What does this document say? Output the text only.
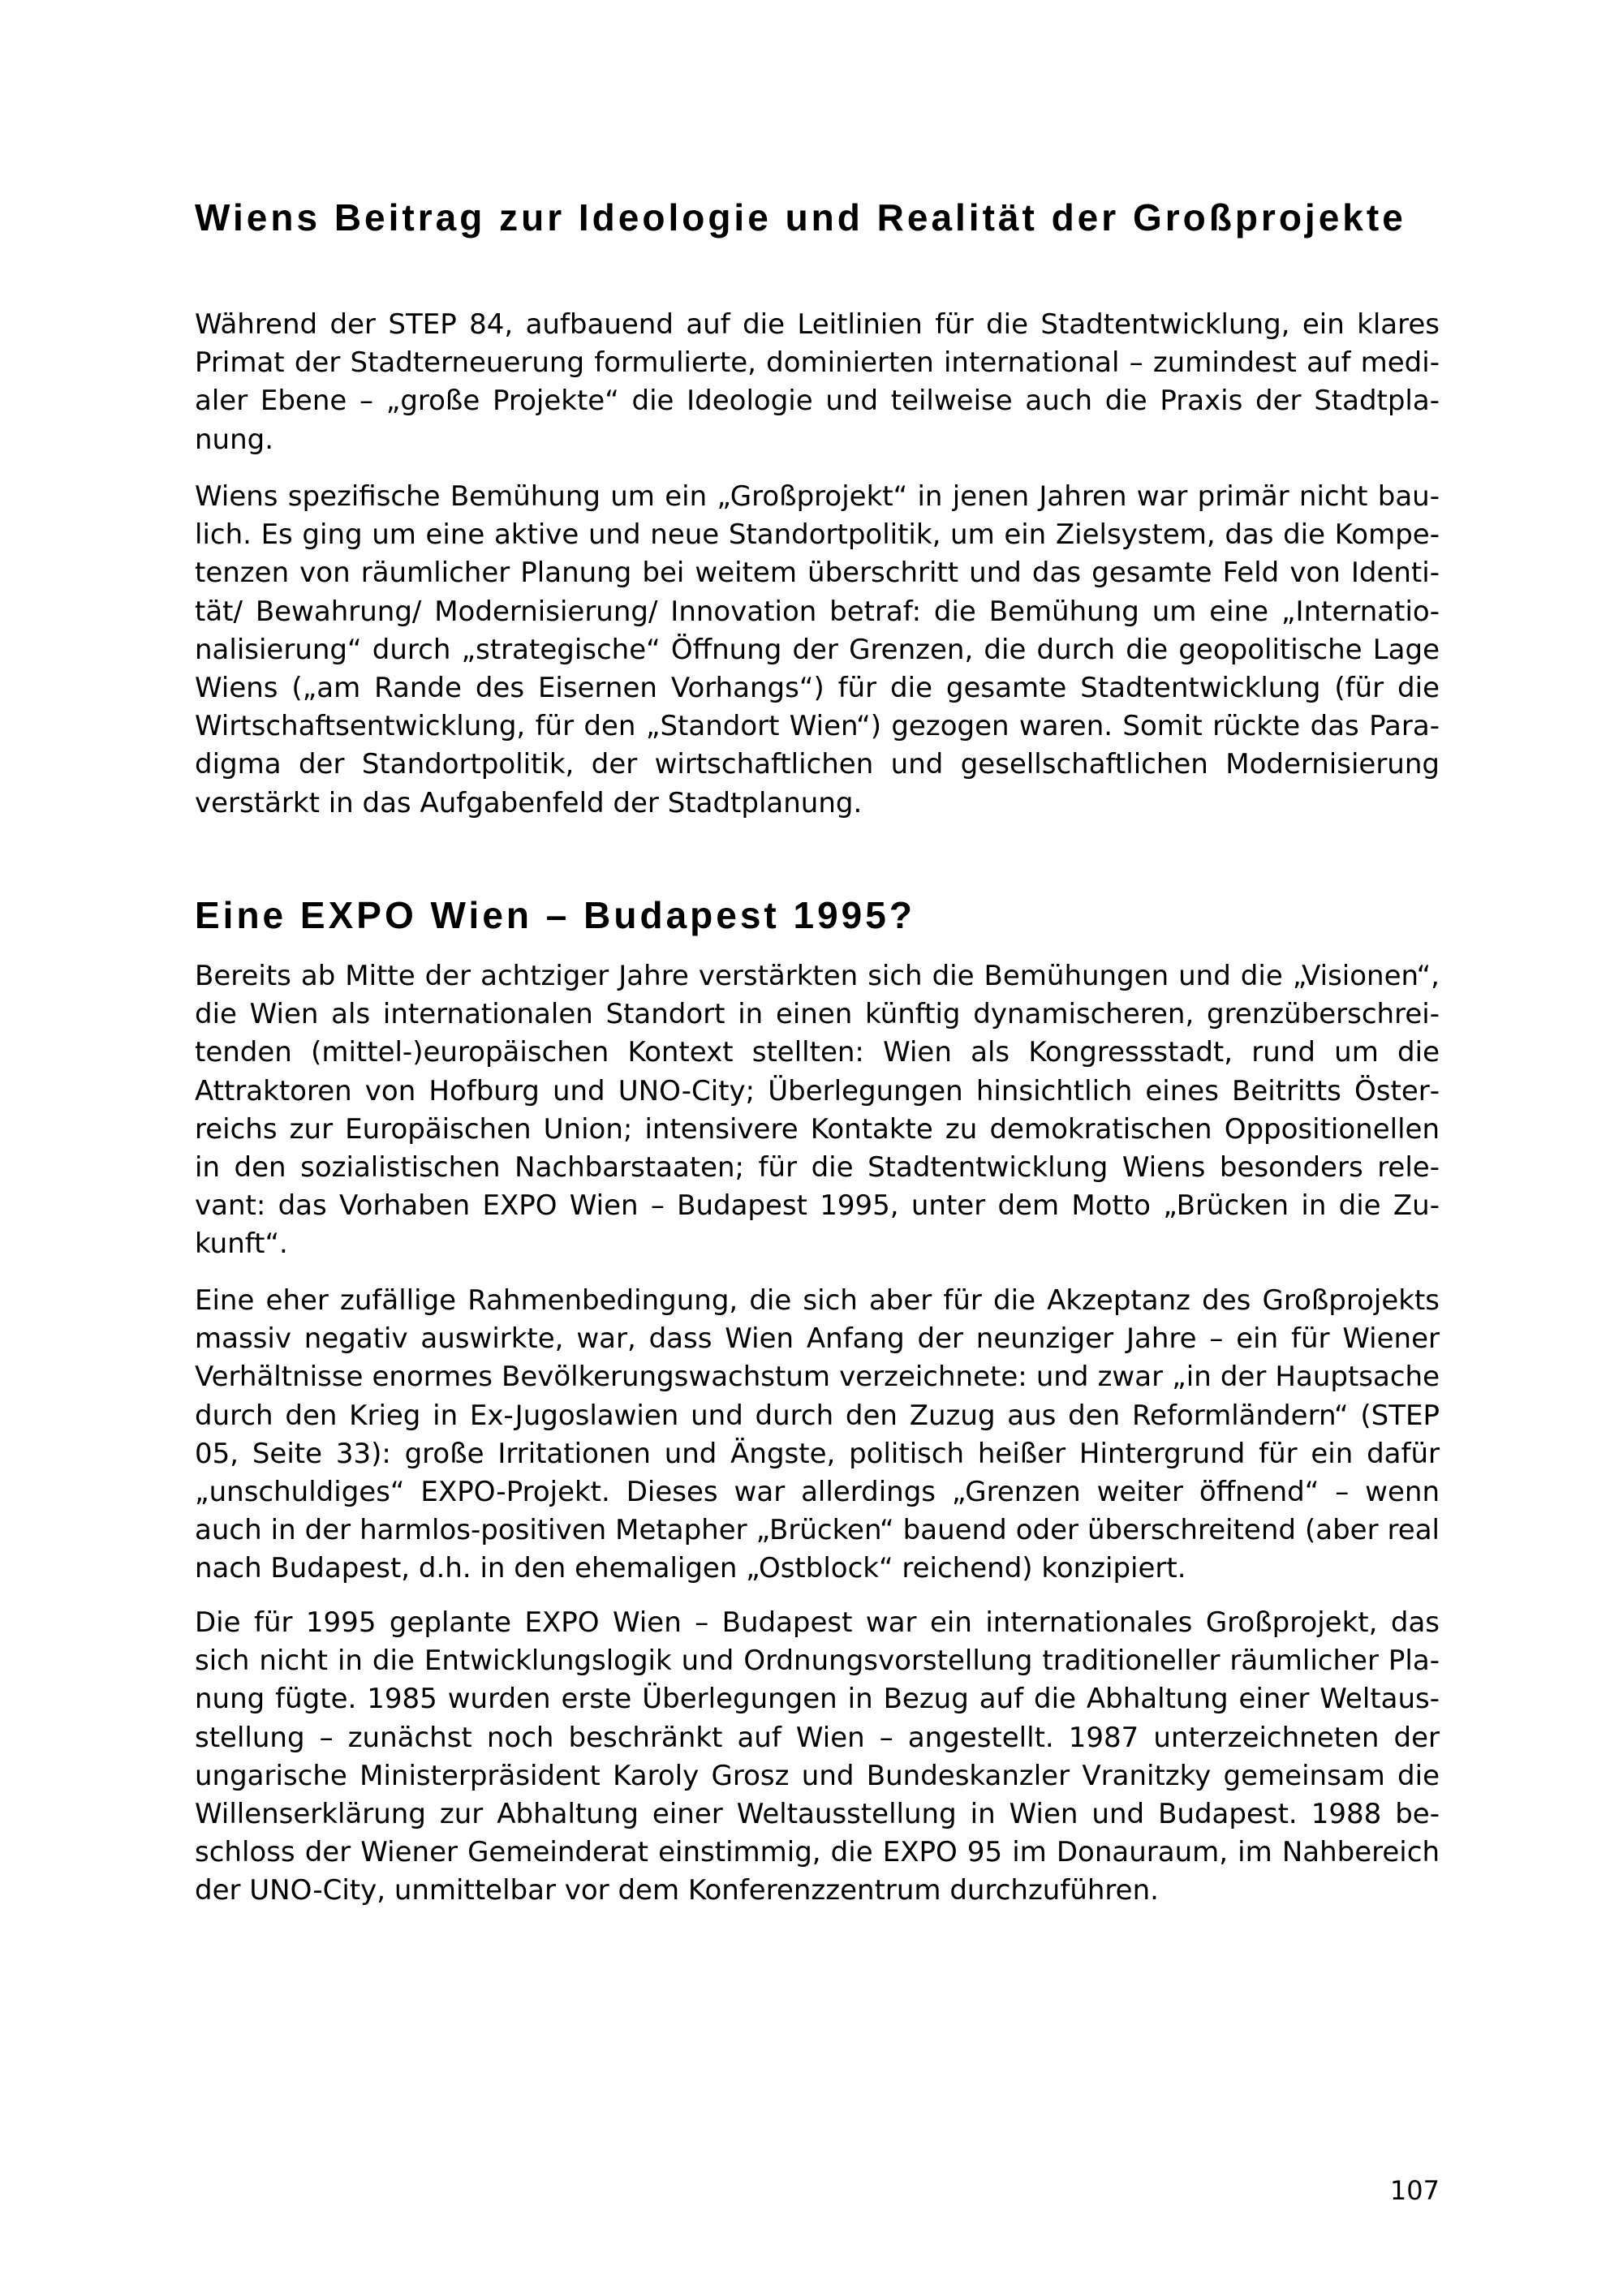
Wiens Beitrag zur Ideologie und Realität der Großprojekte

Während der STEP 84, aufbauend auf die Leitlinien für die Stadtentwicklung, ein klares Primat der Stadterneuerung formulierte, dominierten international – zumindest auf medialer Ebene – „große Projekte“ die Ideologie und teilweise auch die Praxis der Stadtplanung.

Wiens spezifische Bemühung um ein „Großprojekt“ in jenen Jahren war primär nicht baulich. Es ging um eine aktive und neue Standortpolitik, um ein Zielsystem, das die Kompetenzen von räumlicher Planung bei weitem überschritt und das gesamte Feld von Identität/ Bewahrung/ Modernisierung/ Innovation betraf: die Bemühung um eine „Internationalisierung“ durch „strategische“ Öffnung der Grenzen, die durch die geopolitische Lage Wiens („am Rande des Eisernen Vorhangs“) für die gesamte Stadtentwicklung (für die Wirtschaftsentwicklung, für den „Standort Wien“) gezogen waren. Somit rückte das Paradigma der Standortpolitik, der wirtschaftlichen und gesellschaftlichen Modernisierung verstärkt in das Aufgabenfeld der Stadtplanung.

Eine EXPO Wien – Budapest 1995?

Bereits ab Mitte der achtziger Jahre verstärkten sich die Bemühungen und die „Visionen“, die Wien als internationalen Standort in einen künftig dynamischeren, grenzüberschreitenden (mittel-)europäischen Kontext stellten: Wien als Kongressstadt, rund um die Attraktoren von Hofburg und UNO-City; Überlegungen hinsichtlich eines Beitritts Österreichs zur Europäischen Union; intensivere Kontakte zu demokratischen Oppositionellen in den sozialistischen Nachbarstaaten; für die Stadtentwicklung Wiens besonders relevant: das Vorhaben EXPO Wien – Budapest 1995, unter dem Motto „Brücken in die Zukunft“.

Eine eher zufällige Rahmenbedingung, die sich aber für die Akzeptanz des Großprojekts massiv negativ auswirkte, war, dass Wien Anfang der neunziger Jahre – ein für Wiener Verhältnisse enormes Bevölkerungswachstum verzeichnete: und zwar „in der Hauptsache durch den Krieg in Ex-Jugoslawien und durch den Zuzug aus den Reformländern“ (STEP 05, Seite 33): große Irritationen und Ängste, politisch heißer Hintergrund für ein dafür „unschuldiges“ EXPO-Projekt. Dieses war allerdings „Grenzen weiter öffnend“ – wenn auch in der harmlos-positiven Metapher „Brücken“ bauend oder überschreitend (aber real nach Budapest, d.h. in den ehemaligen „Ostblock“ reichend) konzipiert.

Die für 1995 geplante EXPO Wien – Budapest war ein internationales Großprojekt, das sich nicht in die Entwicklungslogik und Ordnungsvorstellung traditioneller räumlicher Planung fügte. 1985 wurden erste Überlegungen in Bezug auf die Abhaltung einer Weltausstellung – zunächst noch beschränkt auf Wien – angestellt. 1987 unterzeichneten der ungarische Ministerpräsident Karoly Grosz und Bundeskanzler Vranitzky gemeinsam die Willenserklärung zur Abhaltung einer Weltausstellung in Wien und Budapest. 1988 beschloss der Wiener Gemeinderat einstimmig, die EXPO 95 im Donauraum, im Nahbereich der UNO-City, unmittelbar vor dem Konferenzzentrum durchzuführen.

107
